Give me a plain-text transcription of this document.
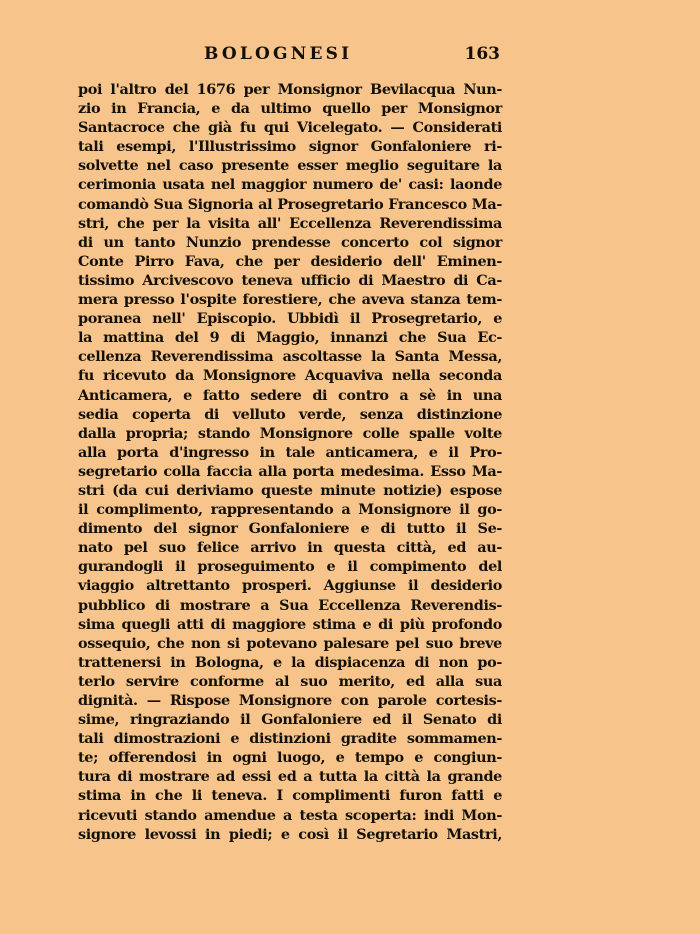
BOLOGNESI	163
poi l'altro del 1676 per Monsignor Bevilacqua Nun-
zio in Francia, e da ultimo quello per Monsignor
Santacroce che già fu qui Vicelegato. — Considerati
tali esempi, l'Illustrissimo signor Gonfaloniere ri-
solvette nel caso presente esser meglio seguitare la
cerimonia usata nel maggior numero de' casi: laonde
comandò Sua Signoria al Prosegretario Francesco Ma-
stri, che per la visita all' Eccellenza Reverendissima
di un tanto Nunzio prendesse concerto col signor
Conte Pirro Fava, che per desiderio dell' Eminen-
tissimo Arcivescovo teneva ufficio di Maestro di Ca-
mera presso l'ospite forestiere, che aveva stanza tem-
poranea nell' Episcopio. Ubbidì il Prosegretario, e
la mattina del 9 di Maggio, innanzi che Sua Ec-
cellenza Reverendissima ascoltasse la Santa Messa,
fu ricevuto da Monsignore Acquaviva nella seconda
Anticamera, e fatto sedere di contro a sè in una
sedia coperta di velluto verde, senza distinzione
dalla propria; stando Monsignore colle spalle volte
alla porta d'ingresso in tale anticamera, e il Pro-
segretario colla faccia alla porta medesima. Esso Ma-
stri (da cui deriviamo queste minute notizie) espose
il complimento, rappresentando a Monsignore il go-
dimento del signor Gonfaloniere e di tutto il Se-
nato pel suo felice arrivo in questa città, ed au-
gurandogli il proseguimento e il compimento del
viaggio altrettanto prosperi. Aggiunse il desiderio
pubblico di mostrare a Sua Eccellenza Reverendis-
sima quegli atti di maggiore stima e di più profondo
ossequio, che non si potevano palesare pel suo breve
trattenersi in Bologna, e la dispiacenza di non po-
terlo servire conforme al suo merito, ed alla sua
dignità. — Rispose Monsignore con parole cortesis-
sime, ringraziando il Gonfaloniere ed il Senato di
tali dimostrazioni e distinzioni gradite sommamen-
te; offerendosi in ogni luogo, e tempo e congiun-
tura di mostrare ad essi ed a tutta la città la grande
stima in che li teneva. I complimenti furon fatti e
ricevuti stando amendue a testa scoperta: indi Mon-
signore levossi in piedi; e così il Segretario Mastri,
